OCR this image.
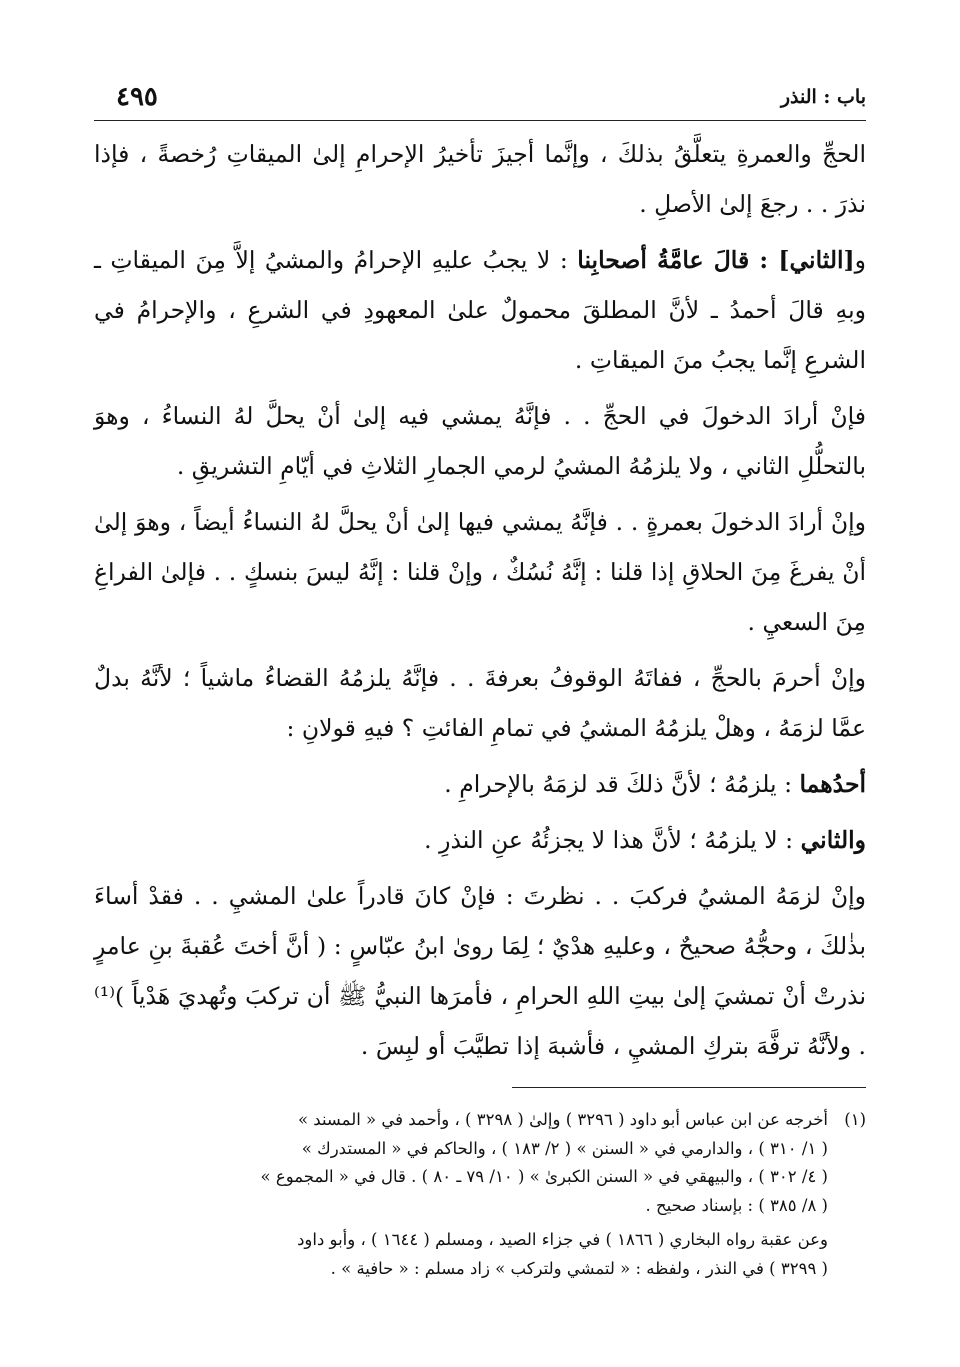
باب : النذر
٤٩٥

الحجِّ والعمرةِ يتعلَّقُ بذلكَ ، وإنَّما أجيزَ تأخيرُ الإحرامِ إلىٰ الميقاتِ رُخصةً ، فإذا نذرَ . . رجعَ إلىٰ الأصلِ .

و[الثاني] : قالَ عامَّةُ أصحابِنا : لا يجبُ عليهِ الإحرامُ والمشيُ إلاَّ مِنَ الميقاتِ ـ وبهِ قالَ أحمدُ ـ لأنَّ المطلقَ محمولٌ علىٰ المعهودِ في الشرعِ ، والإحرامُ في الشرعِ إنَّما يجبُ منَ الميقاتِ .

فإنْ أرادَ الدخولَ في الحجِّ . . فإنَّهُ يمشي فيه إلىٰ أنْ يحلَّ لهُ النساءُ ، وهوَ بالتحلُّلِ الثاني ، ولا يلزمُهُ المشيُ لرمي الجمارِ الثلاثِ في أيّامِ التشريقِ .

وإنْ أرادَ الدخولَ بعمرةٍ . . فإنَّهُ يمشي فيها إلىٰ أنْ يحلَّ لهُ النساءُ أيضاً ، وهوَ إلىٰ أنْ يفرغَ مِنَ الحلاقِ إذا قلنا : إنَّهُ نُسُكٌ ، وإنْ قلنا : إنَّهُ ليسَ بنسكٍ . . فإلىٰ الفراغِ مِنَ السعيِ .

وإنْ أحرمَ بالحجِّ ، ففاتَهُ الوقوفُ بعرفةَ . . فإنَّهُ يلزمُهُ القضاءُ ماشياً ؛ لأنَّهُ بدلٌ عمَّا لزمَهُ ، وهلْ يلزمُهُ المشيُ في تمامِ الفائتِ ؟ فيهِ قولانِ :

أحدُهما : يلزمُهُ ؛ لأنَّ ذلكَ قد لزمَهُ بالإحرامِ .

والثاني : لا يلزمُهُ ؛ لأنَّ هذا لا يجزئُهُ عنِ النذرِ .

وإنْ لزمَهُ المشيُ فركبَ . . نظرتَ : فإنْ كانَ قادراً علىٰ المشيِ . . فقدْ أساءَ بذٰلكَ ، وحجُّهُ صحيحٌ ، وعليهِ هدْيٌ ؛ لِمَا روىٰ ابنُ عبّاسٍ : ( أنَّ أختَ عُقبةَ بنِ عامرٍ نذرتْ أنْ تمشيَ إلىٰ بيتِ اللهِ الحرامِ ، فأمرَها النبيُّ ﷺ أن تركبَ وتُهديَ هَدْياً )⁽¹⁾ . ولأنَّهُ ترفَّهَ بتركِ المشيِ ، فأشبهَ إذا تطيَّبَ أو لبِسَ .

(١)أخرجه عن ابن عباس أبو داود ( ٣٢٩٦ ) وإلىٰ ( ٣٢٩٨ ) ، وأحمد في « المسند »

( ١/ ٣١٠ ) ، والدارمي في « السنن » ( ٢/ ١٨٣ ) ، والحاكم في « المستدرك »

( ٤/ ٣٠٢ ) ، والبيهقي في « السنن الكبرىٰ » ( ١٠/ ٧٩ ـ ٨٠ ) . قال في « المجموع »

( ٨/ ٣٨٥ ) : بإسناد صحيح .

وعن عقبة رواه البخاري ( ١٨٦٦ ) في جزاء الصيد ، ومسلم ( ١٦٤٤ ) ، وأبو داود

( ٣٢٩٩ ) في النذر ، ولفظه : « لتمشي ولتركب » زاد مسلم : « حافية » .
